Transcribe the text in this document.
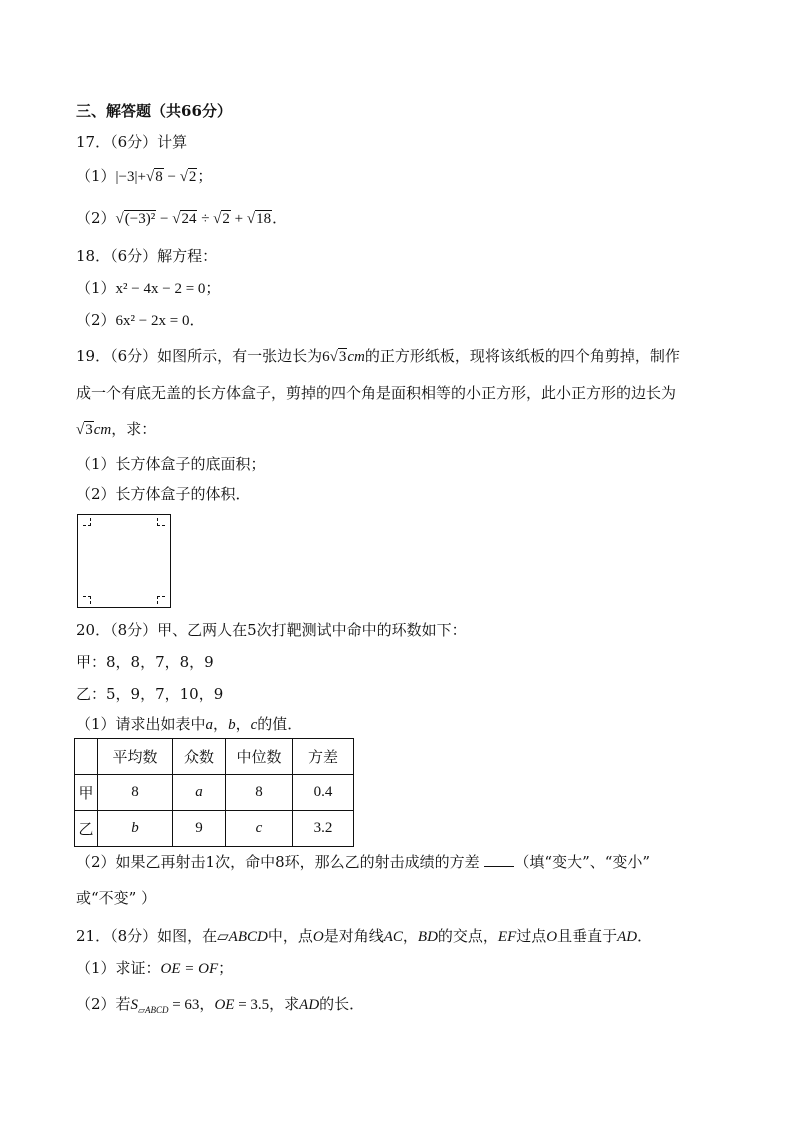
三、解答题（共66分）
17．（6分）计算
（1）|−3|+√8 − √2；
（2）√(−3)² − √24 ÷ √2 + √18．
18．（6分）解方程：
（1）x² − 4x − 2 = 0；
（2）6x² − 2x = 0．
19．（6分）如图所示，有一张边长为6√3cm的正方形纸板，现将该纸板的四个角剪掉，制作
成一个有底无盖的长方体盒子，剪掉的四个角是面积相等的小正方形，此小正方形的边长为
√3cm，求：
（1）长方体盒子的底面积；
（2）长方体盒子的体积．
20．（8分）甲、乙两人在5次打靶测试中命中的环数如下：
甲：8，8，7，8，9
乙：5，9，7，10，9
（1）请求出如表中a，b，c的值．
	平均数	众数	中位数	方差
甲	8	a	8	0.4
乙	b	9	c	3.2
（2）如果乙再射击1次，命中8环，那么乙的射击成绩的方差 （填“变大”、“变小”
或“不变” ）
21．（8分）如图，在▱ABCD中，点O是对角线AC，BD的交点，EF过点O且垂直于AD．
（1）求证：OE = OF；
（2）若$S_{▱ABCD} = 63$，OE = 3.5，求AD的长．
